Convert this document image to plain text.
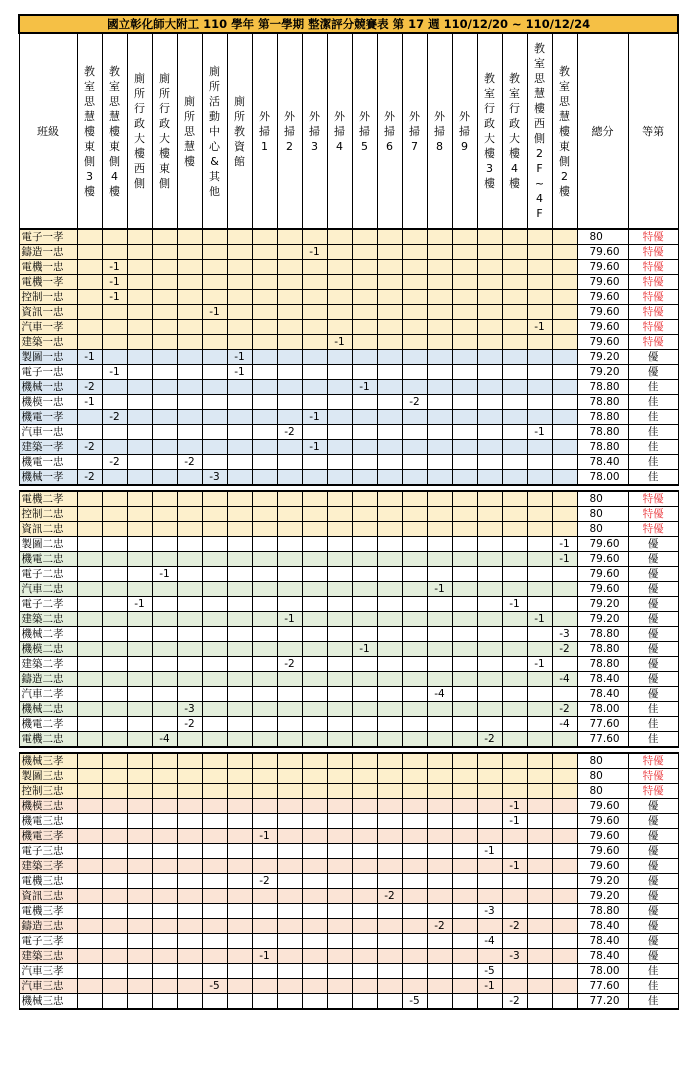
國立彰化師大附工 110 學年 第一學期 整潔評分競賽表 第 17 週 110/12/20 ~ 110/12/24																						
班級	教室思慧樓東側3樓	教室思慧樓東側4樓	廁所行政大樓西側	廁所行政大樓東側	廁所思慧樓	廁所活動中心&其他	廁所教資館	外掃1	外掃2	外掃3	外掃4	外掃5	外掃6	外掃7	外掃8	外掃9	教室行政大樓3樓	教室行政大樓4樓	教室思慧樓西側2F~4F	教室思慧樓東側2樓	總分	等第
電子一孝																					80	特優
鑄造一忠										-1											79.60	特優
電機一忠		-1																			79.60	特優
電機一孝		-1																			79.60	特優
控制一忠		-1																			79.60	特優
資訊一忠						-1															79.60	特優
汽車一孝																			-1		79.60	特優
建築一忠											-1										79.60	特優
製圖一忠	-1						-1														79.20	優
電子一忠		-1					-1														79.20	優
機械一忠	-2											-1									78.80	佳
機模一忠	-1													-2							78.80	佳
機電一孝		-2								-1											78.80	佳
汽車一忠									-2										-1		78.80	佳
建築一孝	-2									-1											78.80	佳
機電一忠		-2			-2																78.40	佳
機械一孝	-2					-3															78.00	佳

電機二孝																					80	特優
控制二忠																					80	特優
資訊二忠																					80	特優
製圖二忠																				-1	79.60	優
機電二忠																				-1	79.60	優
電子二忠				-1																	79.60	優
汽車二忠															-1						79.60	優
電子二孝			-1															-1			79.20	優
建築二忠									-1										-1		79.20	優
機械二孝																				-3	78.80	優
機模二忠												-1								-2	78.80	優
建築二孝									-2										-1		78.80	優
鑄造二忠																				-4	78.40	優
汽車二孝															-4						78.40	優
機械二忠					-3															-2	78.00	佳
機電二孝					-2															-4	77.60	佳
電機二忠				-4													-2				77.60	佳

機械三孝																					80	特優
製圖三忠																					80	特優
控制三忠																					80	特優
機模三忠																		-1			79.60	優
機電三忠																		-1			79.60	優
機電三孝								-1													79.60	優
電子三忠																	-1				79.60	優
建築三孝																		-1			79.60	優
電機三忠								-2													79.20	優
資訊三忠													-2								79.20	優
電機三孝																	-3				78.80	優
鑄造三忠															-2			-2			78.40	優
電子三孝																	-4				78.40	優
建築三忠								-1										-3			78.40	優
汽車三孝																	-5				78.00	佳
汽車三忠						-5											-1				77.60	佳
機械三忠														-5				-2			77.20	佳
